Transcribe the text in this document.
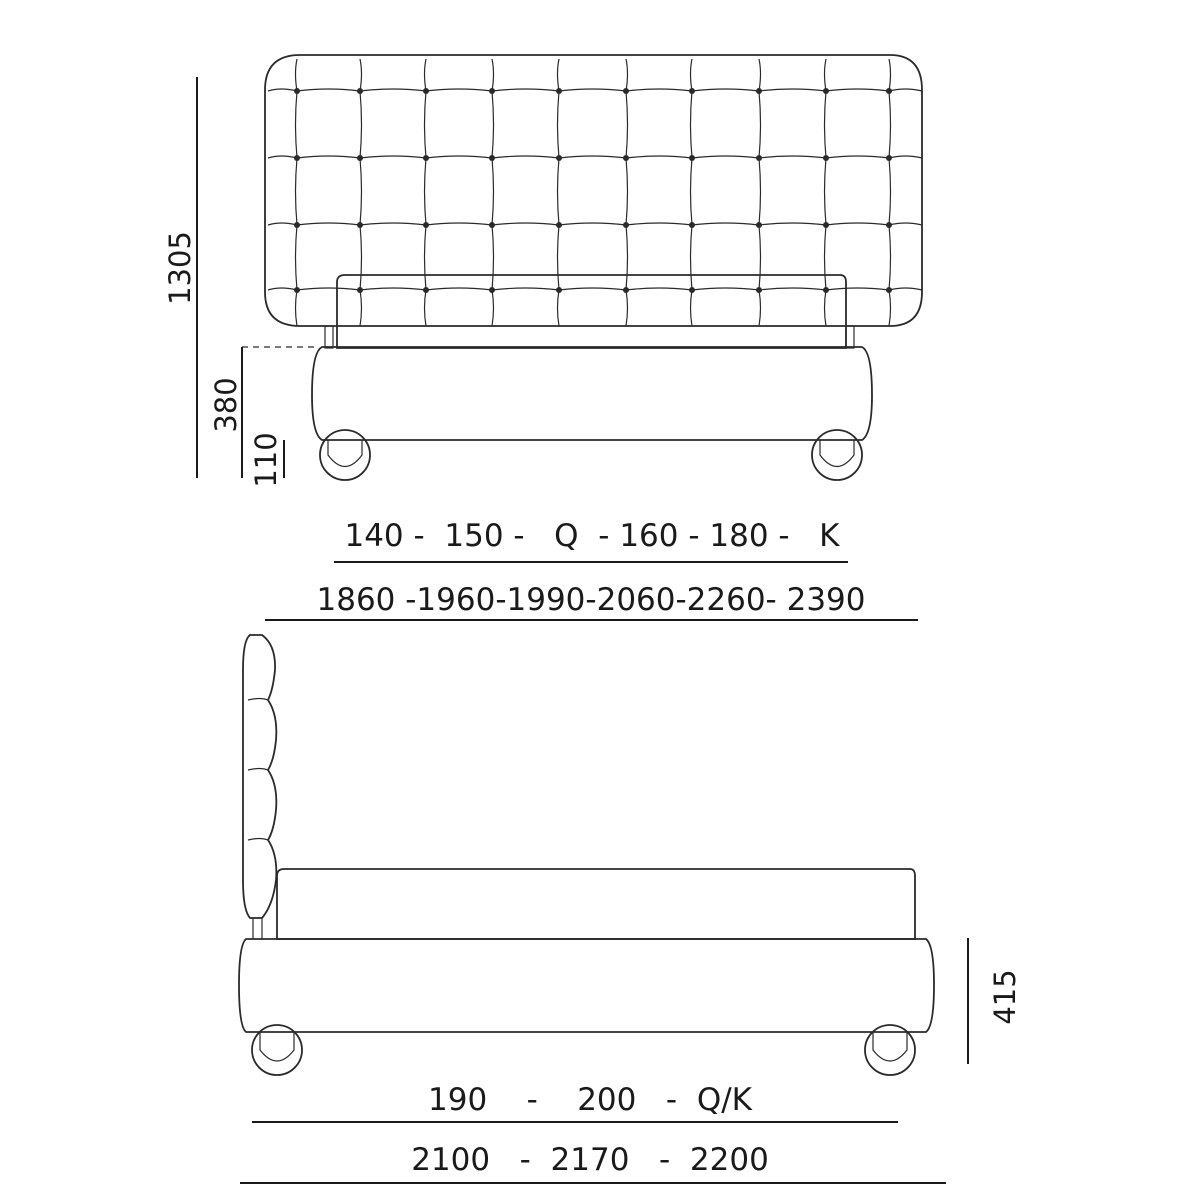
1305
380
110
140 -  150 -   Q  - 160 - 180 -   K
1860 -1960-1990-2060-2260- 2390
415
190    -    200   -  Q/K
2100   -  2170   -  2200
